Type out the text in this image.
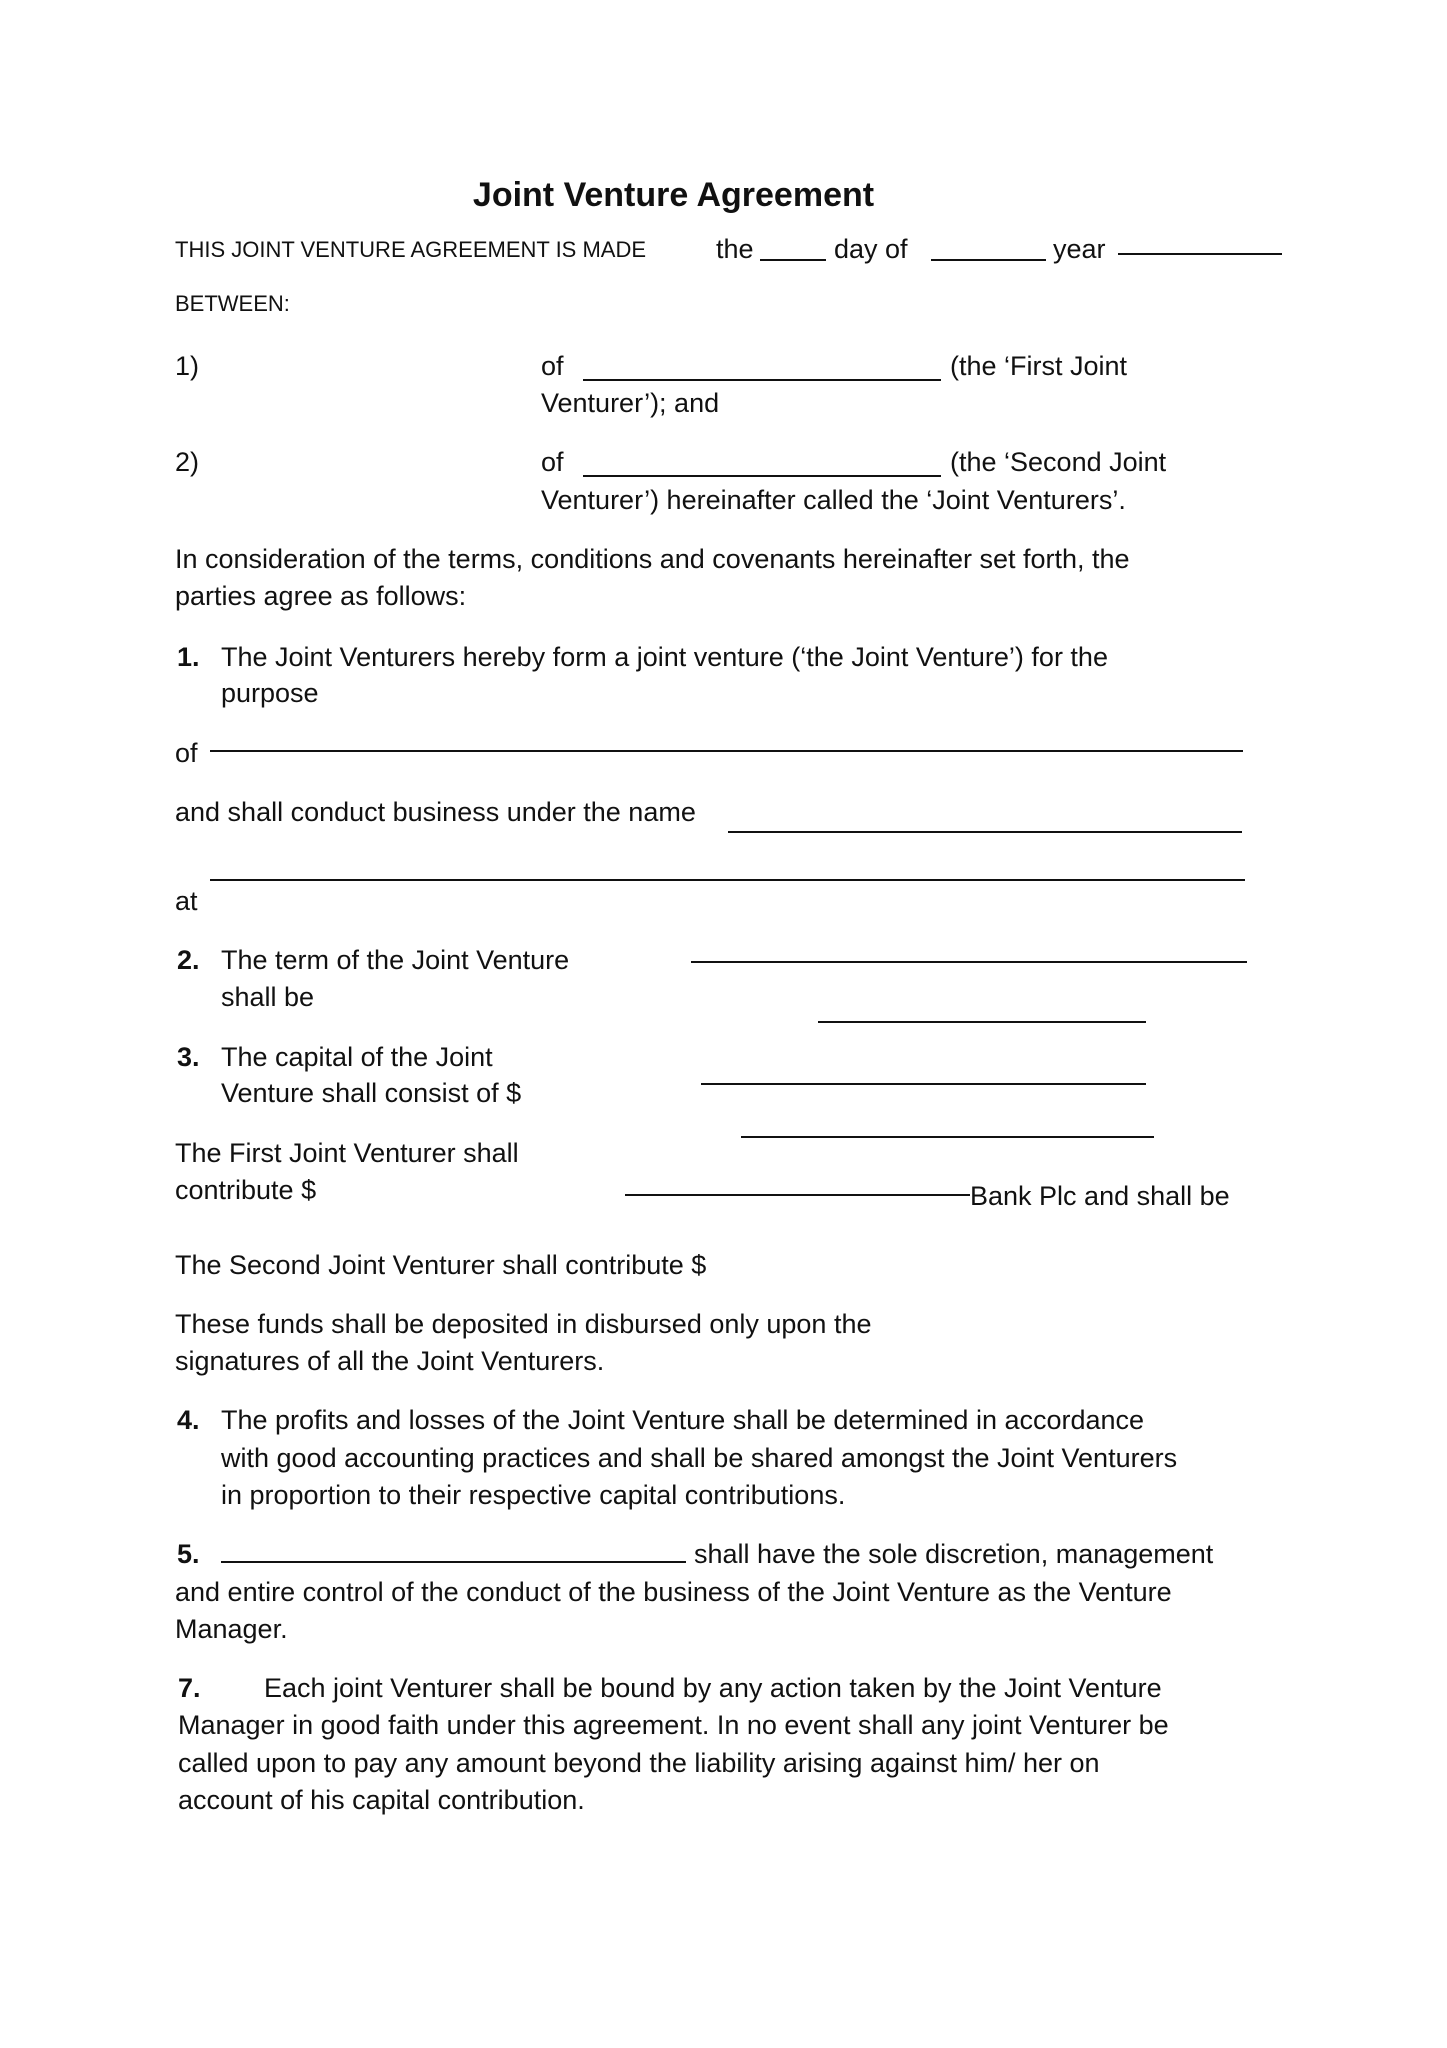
Joint Venture Agreement
THIS JOINT VENTURE AGREEMENT IS MADE	the	day of	year
BETWEEN:
1)	of	(the ‘First Joint
Venturer’); and
2)	of	(the ‘Second Joint
Venturer’) hereinafter called the ‘Joint Venturers’.
In consideration of the terms, conditions and covenants hereinafter set forth, the
parties agree as follows:
1. The Joint Venturers hereby form a joint venture (‘the Joint Venture’) for the
purpose
of
and shall conduct business under the name
at
2. The term of the Joint Venture
shall be
3. The capital of the Joint
Venture shall consist of $
The First Joint Venturer shall
contribute $	Bank Plc and shall be
The Second Joint Venturer shall contribute $
These funds shall be deposited in disbursed only upon the
signatures of all the Joint Venturers.
4. The profits and losses of the Joint Venture shall be determined in accordance
with good accounting practices and shall be shared amongst the Joint Venturers
in proportion to their respective capital contributions.
5.	shall have the sole discretion, management
and entire control of the conduct of the business of the Joint Venture as the Venture
Manager.
7. Each joint Venturer shall be bound by any action taken by the Joint Venture
Manager in good faith under this agreement. In no event shall any joint Venturer be
called upon to pay any amount beyond the liability arising against him/ her on
account of his capital contribution.
